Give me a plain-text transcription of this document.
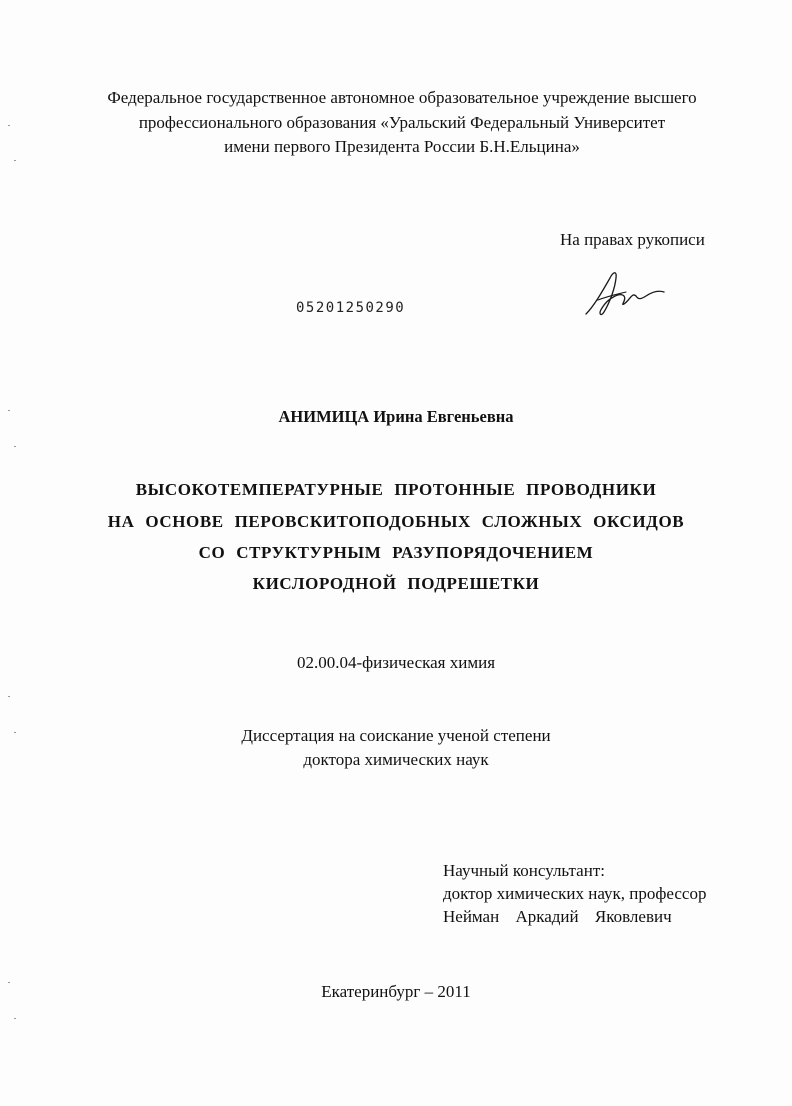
Федеральное государственное автономное образовательное учреждение высшего
профессионального образования «Уральский Федеральный Университет
имени первого Президента России Б.Н.Ельцина»
На правах рукописи
05201250290
АНИМИЦА Ирина Евгеньевна
ВЫСОКОТЕМПЕРАТУРНЫЕ ПРОТОННЫЕ ПРОВОДНИКИ
НА ОСНОВЕ ПЕРОВСКИТОПОДОБНЫХ СЛОЖНЫХ ОКСИДОВ
СО СТРУКТУРНЫМ РАЗУПОРЯДОЧЕНИЕМ
КИСЛОРОДНОЙ ПОДРЕШЕТКИ
02.00.04-физическая химия
Диссертация на соискание ученой степени
доктора химических наук
Научный консультант:
доктор химических наук, профессор
Нейман Аркадий Яковлевич
Екатеринбург – 2011
